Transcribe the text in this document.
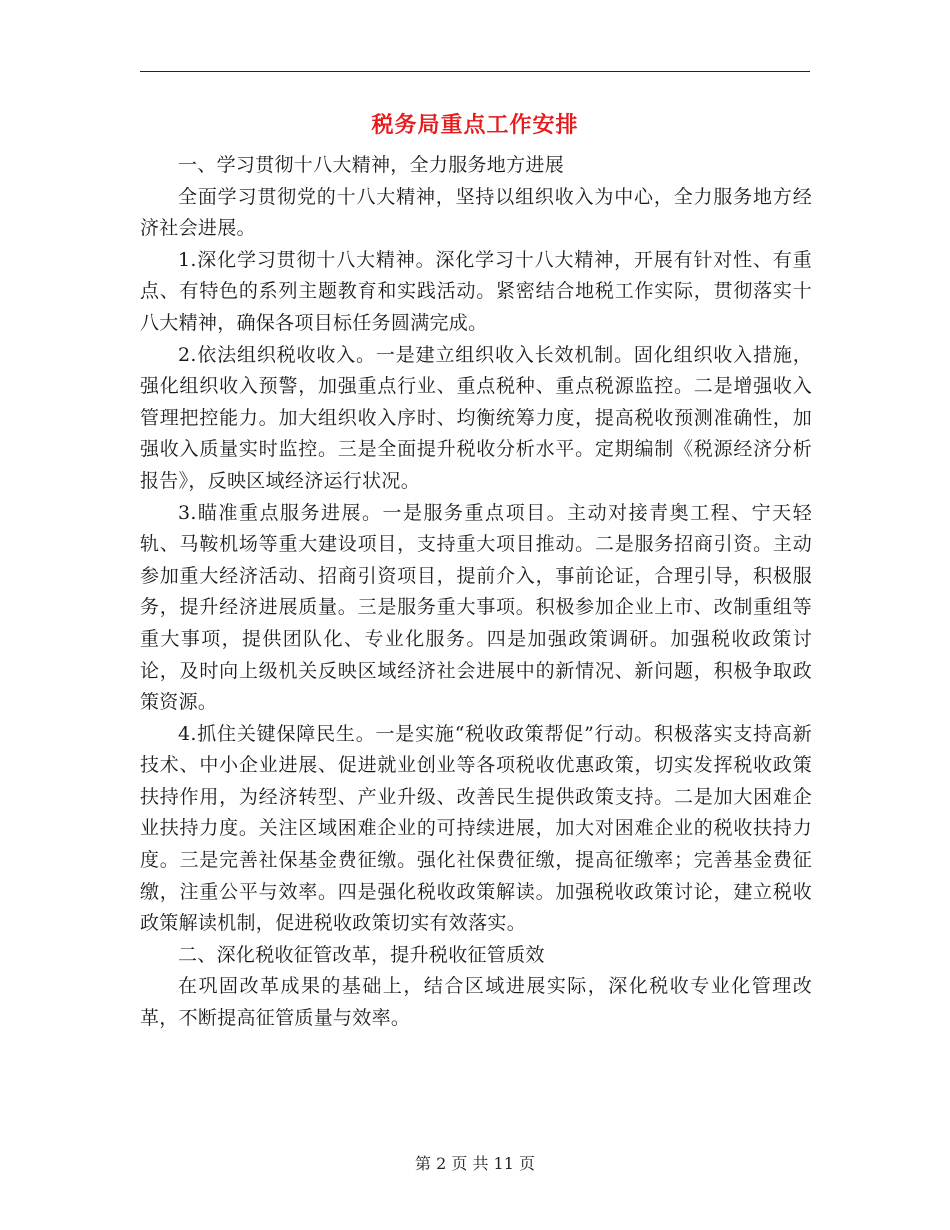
税务局重点工作安排

一、学习贯彻十八大精神，全力服务地方进展

全面学习贯彻党的十八大精神，坚持以组织收入为中心，全力服务地方经济社会进展。

1.深化学习贯彻十八大精神。深化学习十八大精神，开展有针对性、有重点、有特色的系列主题教育和实践活动。紧密结合地税工作实际，贯彻落实十八大精神，确保各项目标任务圆满完成。

2.依法组织税收收入。一是建立组织收入长效机制。固化组织收入措施，强化组织收入预警，加强重点行业、重点税种、重点税源监控。二是增强收入管理把控能力。加大组织收入序时、均衡统筹力度，提高税收预测准确性，加强收入质量实时监控。三是全面提升税收分析水平。定期编制《税源经济分析报告》，反映区域经济运行状况。

3.瞄准重点服务进展。一是服务重点项目。主动对接青奥工程、宁天轻轨、马鞍机场等重大建设项目，支持重大项目推动。二是服务招商引资。主动参加重大经济活动、招商引资项目，提前介入，事前论证，合理引导，积极服务，提升经济进展质量。三是服务重大事项。积极参加企业上市、改制重组等重大事项，提供团队化、专业化服务。四是加强政策调研。加强税收政策讨论，及时向上级机关反映区域经济社会进展中的新情况、新问题，积极争取政策资源。

4.抓住关键保障民生。一是实施“税收政策帮促”行动。积极落实支持高新技术、中小企业进展、促进就业创业等各项税收优惠政策，切实发挥税收政策扶持作用，为经济转型、产业升级、改善民生提供政策支持。二是加大困难企业扶持力度。关注区域困难企业的可持续进展，加大对困难企业的税收扶持力度。三是完善社保基金费征缴。强化社保费征缴，提高征缴率；完善基金费征缴，注重公平与效率。四是强化税收政策解读。加强税收政策讨论，建立税收政策解读机制，促进税收政策切实有效落实。

二、深化税收征管改革，提升税收征管质效

在巩固改革成果的基础上，结合区域进展实际，深化税收专业化管理改革，不断提高征管质量与效率。

第 2 页 共 11 页
